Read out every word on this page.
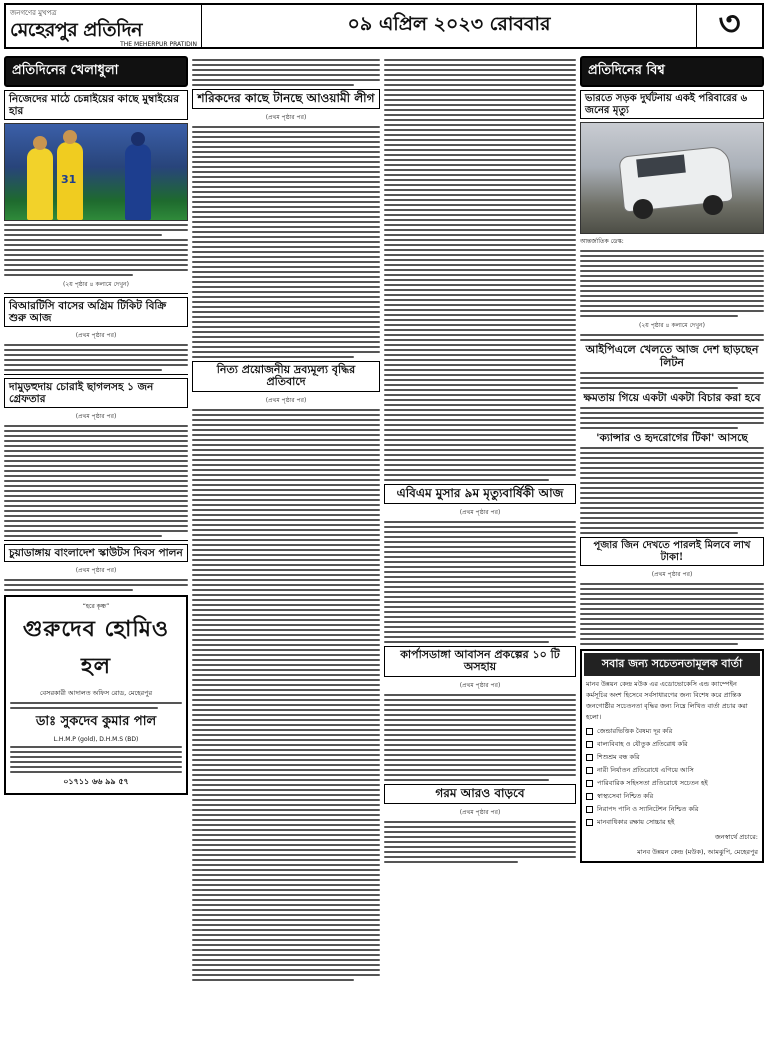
জনগণের মুখপত্র
মেহেরপুর প্রতিদিন
THE MEHERPUR PRATIDIN
০৯ এপ্রিল ২০২৩ রোববার	৩
প্রতিদিনের খেলাধুলা
নিজেদের মাঠে চেন্নাইয়ের কাছে মুম্বাইয়ের হার
31
(২য় পৃষ্ঠার ৪ কলামে দেখুন)
বিআরটিসি বাসের অগ্রিম টিকিট বিক্রি শুরু আজ
(প্রথম পৃষ্ঠার পর)
দামুড়হুদায় চোরাই ছাগলসহ ১ জন গ্রেফতার
(প্রথম পৃষ্ঠার পর)
চুয়াডাঙ্গায় বাংলাদেশ স্কাউটস দিবস পালন
(প্রথম পৃষ্ঠার পর)
“হরে কৃষ্ণ”
গুরুদেব হোমিও হল
বেসরকারী আদালত অফিস রোড, মেহেরপুর
ডাঃ সুকদেব কুমার পাল
L.H.M.P (gold), D.H.M.S (BD)
০১৭১১ ৬৬ ৯৯ ৫৭
শরিকদের কাছে টানছে আওয়ামী লীগ
(প্রথম পৃষ্ঠার পর)
নিত্য প্রয়োজনীয় দ্রব্যমূল্য বৃদ্ধির প্রতিবাদে
(প্রথম পৃষ্ঠার পর)
এবিএম মুসার ৯ম মৃত্যুবার্ষিকী আজ
(প্রথম পৃষ্ঠার পর)
কার্পাসডাঙ্গা আবাসন প্রকল্পের ১০ টি অসহায়
(প্রথম পৃষ্ঠার পর)
গরম আরও বাড়বে
(প্রথম পৃষ্ঠার পর)
প্রতিদিনের বিশ্ব
ভারতে সড়ক দুর্ঘটনায় একই পরিবারের ৬ জনের মৃত্যু
আন্তর্জাতিক ডেস্ক:
(২য় পৃষ্ঠার ৪ কলামে দেখুন)
আইপিএলে খেলতে আজ দেশ ছাড়ছেন লিটন
ক্ষমতায় গিয়ে একটা একটা বিচার করা হবে
'ক্যান্সার ও হৃদরোগের টিকা' আসছে
পূজার জিন দেখতে পারলই মিলবে লাখ টাকা!
(প্রথম পৃষ্ঠার পর)
সবার জন্য সচেতনতামূলক বার্তা
মানব উন্নয়ন কেন্দ্র মউক এর এডোভোকেসি এন্ড ক্যাম্পেইন কর্মসূচির অংশ হিসেবে সর্বসাধারণের জন্য বিশেষ করে প্রান্তিক জনগোষ্ঠীর সচেতনতা বৃদ্ধির জন্য নিম্নে লিখিত বার্তা প্রচার করা হলো।
জেন্ডারভিত্তিক বৈষম্য দূর করি
বাল্যবিবাহ ও যৌতুক প্রতিরোধ করি
শিশুশ্রম বন্ধ করি
নারী নির্যাতন প্রতিরোধে এগিয়ে আসি
পারিবারিক সহিংসতা প্রতিরোধে সচেতন হই
স্বাস্থ্যসেবা নিশ্চিত করি
নিরাপদ পানি ও স্যানিটেশন নিশ্চিত করি
মানবাধিকার রক্ষায় সোচ্চার হই
জনস্বার্থে প্রচারে:
মানব উন্নয়ন কেন্দ্র (মউক), আমঝুপি, মেহেরপুর
